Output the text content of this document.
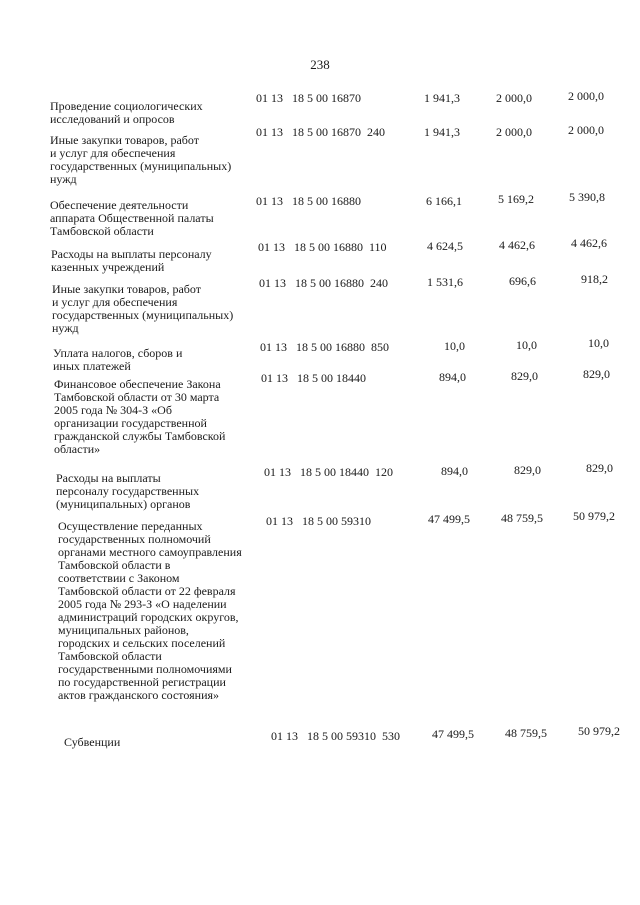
238
Проведение социологических
исследований и опросов
01 13   18 5 00 16870	1 941,3	2 000,0	2 000,0
Иные закупки товаров, работ
и услуг для обеспечения
государственных (муниципальных)
нужд
01 13   18 5 00 16870  240	1 941,3	2 000,0	2 000,0
Обеспечение деятельности
аппарата Общественной палаты
Тамбовской области
01 13   18 5 00 16880	6 166,1	5 169,2	5 390,8
Расходы на выплаты персоналу
казенных учреждений
01 13   18 5 00 16880  110	4 624,5	4 462,6	4 462,6
Иные закупки товаров, работ
и услуг для обеспечения
государственных (муниципальных)
нужд
01 13   18 5 00 16880  240	1 531,6	696,6	918,2
Уплата налогов, сборов и
иных платежей
01 13   18 5 00 16880  850	10,0	10,0	10,0
Финансовое обеспечение Закона
Тамбовской области от 30 марта
2005 года № 304-З «Об
организации государственной
гражданской службы Тамбовской
области»
01 13   18 5 00 18440	894,0	829,0	829,0
Расходы на выплаты
персоналу государственных
(муниципальных) органов
01 13   18 5 00 18440  120	894,0	829,0	829,0
Осуществление переданных
государственных полномочий
органами местного самоуправления
Тамбовской области в
соответствии с Законом
Тамбовской области от 22 февраля
2005 года № 293-З «О наделении
администраций городских округов,
муниципальных районов,
городских и сельских поселений
Тамбовской области
государственными полномочиями
по государственной регистрации
актов гражданского состояния»
01 13   18 5 00 59310	47 499,5	48 759,5	50 979,2
Субвенции	01 13   18 5 00 59310  530	47 499,5	48 759,5	50 979,2
